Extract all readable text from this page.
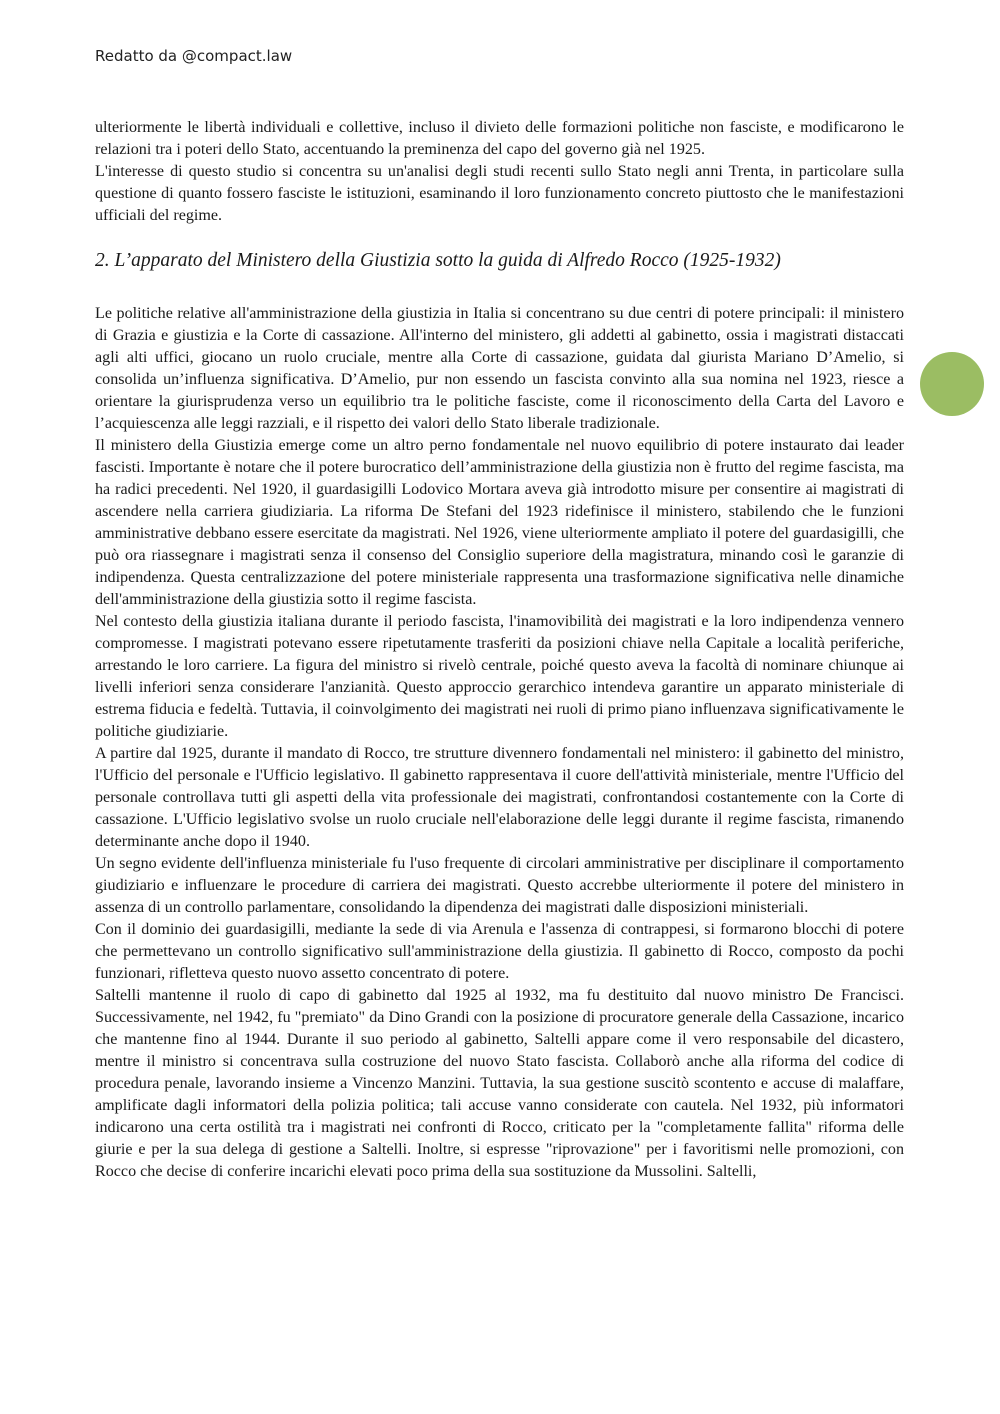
Redatto da @compact.law

ulteriormente le libertà individuali e collettive, incluso il divieto delle formazioni politiche non fasciste, e modificarono le relazioni tra i poteri dello Stato, accentuando la preminenza del capo del governo già nel 1925.

L'interesse di questo studio si concentra su un'analisi degli studi recenti sullo Stato negli anni Trenta, in particolare sulla questione di quanto fossero fasciste le istituzioni, esaminando il loro funzionamento concreto piuttosto che le manifestazioni ufficiali del regime.

2. L’apparato del Ministero della Giustizia sotto la guida di Alfredo Rocco (1925-1932)

Le politiche relative all'amministrazione della giustizia in Italia si concentrano su due centri di potere principali: il ministero di Grazia e giustizia e la Corte di cassazione. All'interno del ministero, gli addetti al gabinetto, ossia i magistrati distaccati agli alti uffici, giocano un ruolo cruciale, mentre alla Corte di cassazione, guidata dal giurista Mariano D’Amelio, si consolida un’influenza significativa. D’Amelio, pur non essendo un fascista convinto alla sua nomina nel 1923, riesce a orientare la giurisprudenza verso un equilibrio tra le politiche fasciste, come il riconoscimento della Carta del Lavoro e l’acquiescenza alle leggi razziali, e il rispetto dei valori dello Stato liberale tradizionale.

Il ministero della Giustizia emerge come un altro perno fondamentale nel nuovo equilibrio di potere instaurato dai leader fascisti. Importante è notare che il potere burocratico dell’amministrazione della giustizia non è frutto del regime fascista, ma ha radici precedenti. Nel 1920, il guardasigilli Lodovico Mortara aveva già introdotto misure per consentire ai magistrati di ascendere nella carriera giudiziaria. La riforma De Stefani del 1923 ridefinisce il ministero, stabilendo che le funzioni amministrative debbano essere esercitate da magistrati. Nel 1926, viene ulteriormente ampliato il potere del guardasigilli, che può ora riassegnare i magistrati senza il consenso del Consiglio superiore della magistratura, minando così le garanzie di indipendenza. Questa centralizzazione del potere ministeriale rappresenta una trasformazione significativa nelle dinamiche dell'amministrazione della giustizia sotto il regime fascista.

Nel contesto della giustizia italiana durante il periodo fascista, l'inamovibilità dei magistrati e la loro indipendenza vennero compromesse. I magistrati potevano essere ripetutamente trasferiti da posizioni chiave nella Capitale a località periferiche, arrestando le loro carriere. La figura del ministro si rivelò centrale, poiché questo aveva la facoltà di nominare chiunque ai livelli inferiori senza considerare l'anzianità. Questo approccio gerarchico intendeva garantire un apparato ministeriale di estrema fiducia e fedeltà. Tuttavia, il coinvolgimento dei magistrati nei ruoli di primo piano influenzava significativamente le politiche giudiziarie.

A partire dal 1925, durante il mandato di Rocco, tre strutture divennero fondamentali nel ministero: il gabinetto del ministro, l'Ufficio del personale e l'Ufficio legislativo. Il gabinetto rappresentava il cuore dell'attività ministeriale, mentre l'Ufficio del personale controllava tutti gli aspetti della vita professionale dei magistrati, confrontandosi costantemente con la Corte di cassazione. L'Ufficio legislativo svolse un ruolo cruciale nell'elaborazione delle leggi durante il regime fascista, rimanendo determinante anche dopo il 1940.

Un segno evidente dell'influenza ministeriale fu l'uso frequente di circolari amministrative per disciplinare il comportamento giudiziario e influenzare le procedure di carriera dei magistrati. Questo accrebbe ulteriormente il potere del ministero in assenza di un controllo parlamentare, consolidando la dipendenza dei magistrati dalle disposizioni ministeriali.

Con il dominio dei guardasigilli, mediante la sede di via Arenula e l'assenza di contrappesi, si formarono blocchi di potere che permettevano un controllo significativo sull'amministrazione della giustizia. Il gabinetto di Rocco, composto da pochi funzionari, rifletteva questo nuovo assetto concentrato di potere.

Saltelli mantenne il ruolo di capo di gabinetto dal 1925 al 1932, ma fu destituito dal nuovo ministro De Francisci. Successivamente, nel 1942, fu "premiato" da Dino Grandi con la posizione di procuratore generale della Cassazione, incarico che mantenne fino al 1944. Durante il suo periodo al gabinetto, Saltelli appare come il vero responsabile del dicastero, mentre il ministro si concentrava sulla costruzione del nuovo Stato fascista. Collaborò anche alla riforma del codice di procedura penale, lavorando insieme a Vincenzo Manzini. Tuttavia, la sua gestione suscitò scontento e accuse di malaffare, amplificate dagli informatori della polizia politica; tali accuse vanno considerate con cautela. Nel 1932, più informatori indicarono una certa ostilità tra i magistrati nei confronti di Rocco, criticato per la "completamente fallita" riforma delle giurie e per la sua delega di gestione a Saltelli. Inoltre, si espresse "riprovazione" per i favoritismi nelle promozioni, con Rocco che decise di conferire incarichi elevati poco prima della sua sostituzione da Mussolini. Saltelli,
